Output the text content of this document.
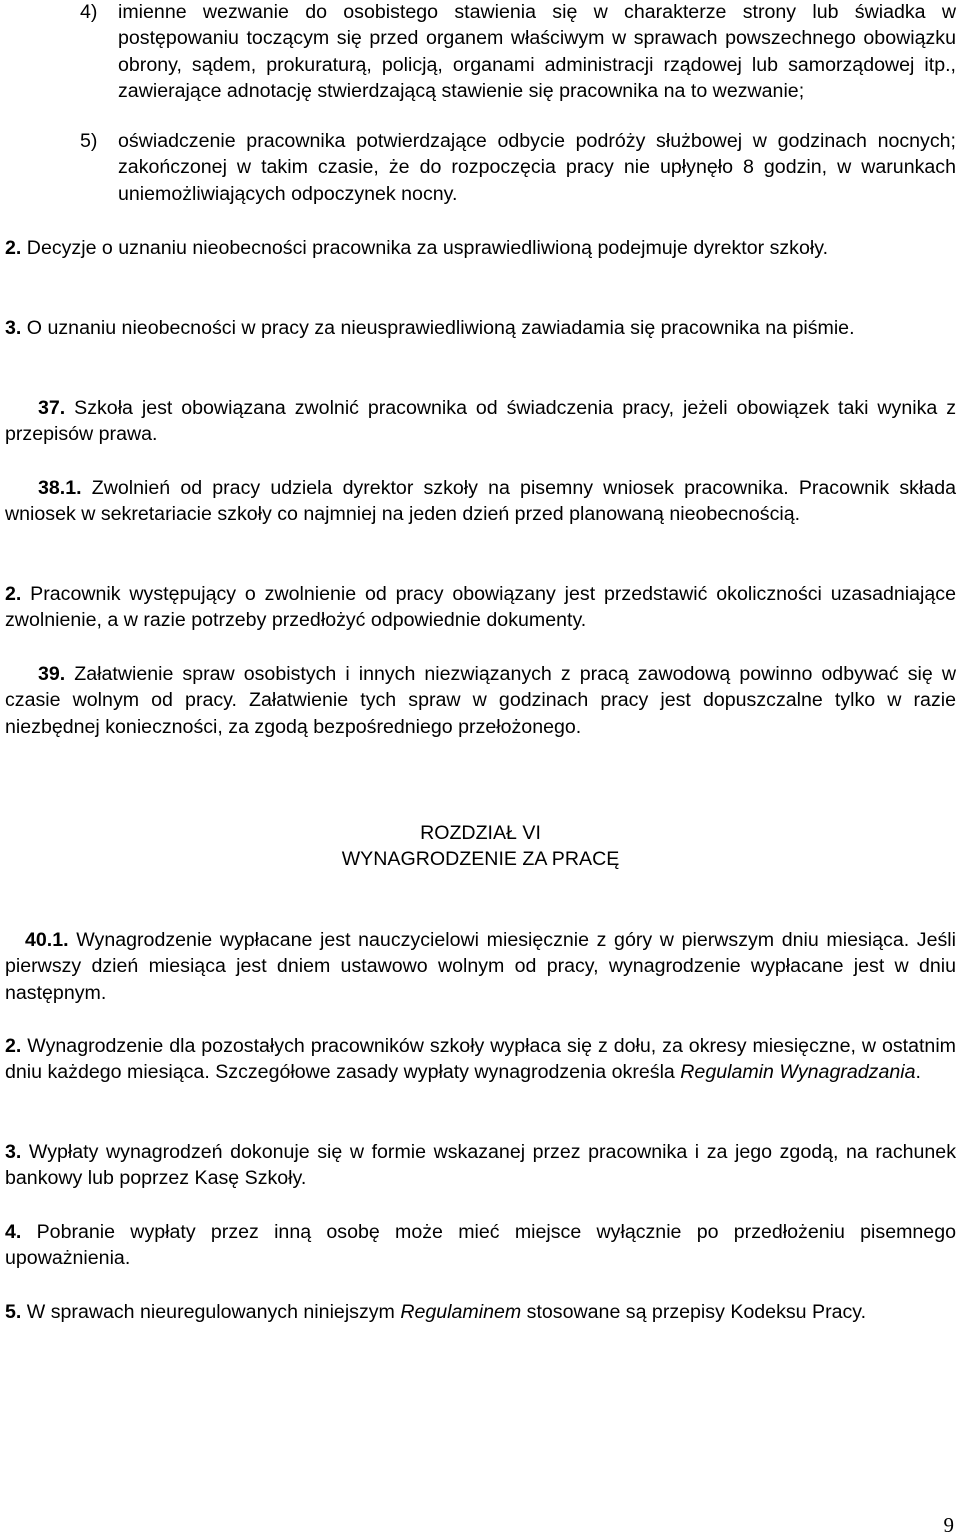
4)	imienne wezwanie do osobistego stawienia się w charakterze strony lub świadka w postępowaniu toczącym się przed organem właściwym w sprawach powszechnego obowiązku obrony, sądem, prokuraturą, policją, organami administracji rządowej lub samorządowej itp., zawierające adnotację stwierdzającą stawienie się pracownika na to wezwanie;
5)	oświadczenie pracownika potwierdzające odbycie podróży służbowej w godzinach nocnych; zakończonej w takim czasie, że do rozpoczęcia pracy nie upłynęło 8 godzin, w warunkach uniemożliwiających odpoczynek nocny.

2. Decyzje o uznaniu nieobecności pracownika za usprawiedliwioną podejmuje dyrektor szkoły.

3. O uznaniu nieobecności w pracy za nieusprawiedliwioną zawiadamia się pracownika na piśmie.

37. Szkoła jest obowiązana zwolnić pracownika od świadczenia pracy, jeżeli obowiązek taki wynika z przepisów prawa.

38.1. Zwolnień od pracy udziela dyrektor szkoły na pisemny wniosek pracownika. Pracownik składa wniosek w sekretariacie szkoły co najmniej na jeden dzień przed planowaną nieobecnością.

2. Pracownik występujący o zwolnienie od pracy obowiązany jest przedstawić okoliczności uzasadniające zwolnienie, a w razie potrzeby przedłożyć odpowiednie dokumenty.

39. Załatwienie spraw osobistych i innych niezwiązanych z pracą zawodową powinno odbywać się w czasie wolnym od pracy. Załatwienie tych spraw w godzinach pracy jest dopuszczalne tylko w razie niezbędnej konieczności, za zgodą bezpośredniego przełożonego.

ROZDZIAŁ VI

WYNAGRODZENIE ZA PRACĘ

40.1. Wynagrodzenie wypłacane jest nauczycielowi miesięcznie z góry w pierwszym dniu miesiąca. Jeśli pierwszy dzień miesiąca jest dniem ustawowo wolnym od pracy, wynagrodzenie wypłacane jest w dniu następnym.

2. Wynagrodzenie dla pozostałych pracowników szkoły wypłaca się z dołu, za okresy miesięczne, w ostatnim dniu każdego miesiąca. Szczegółowe zasady wypłaty wynagrodzenia określa Regulamin Wynagradzania.

3. Wypłaty wynagrodzeń dokonuje się w formie wskazanej przez pracownika i za jego zgodą, na rachunek bankowy lub poprzez Kasę Szkoły.

4. Pobranie wypłaty przez inną osobę może mieć miejsce wyłącznie po przedłożeniu pisemnego upoważnienia.

5. W sprawach nieuregulowanych niniejszym Regulaminem stosowane są przepisy Kodeksu Pracy.

9
